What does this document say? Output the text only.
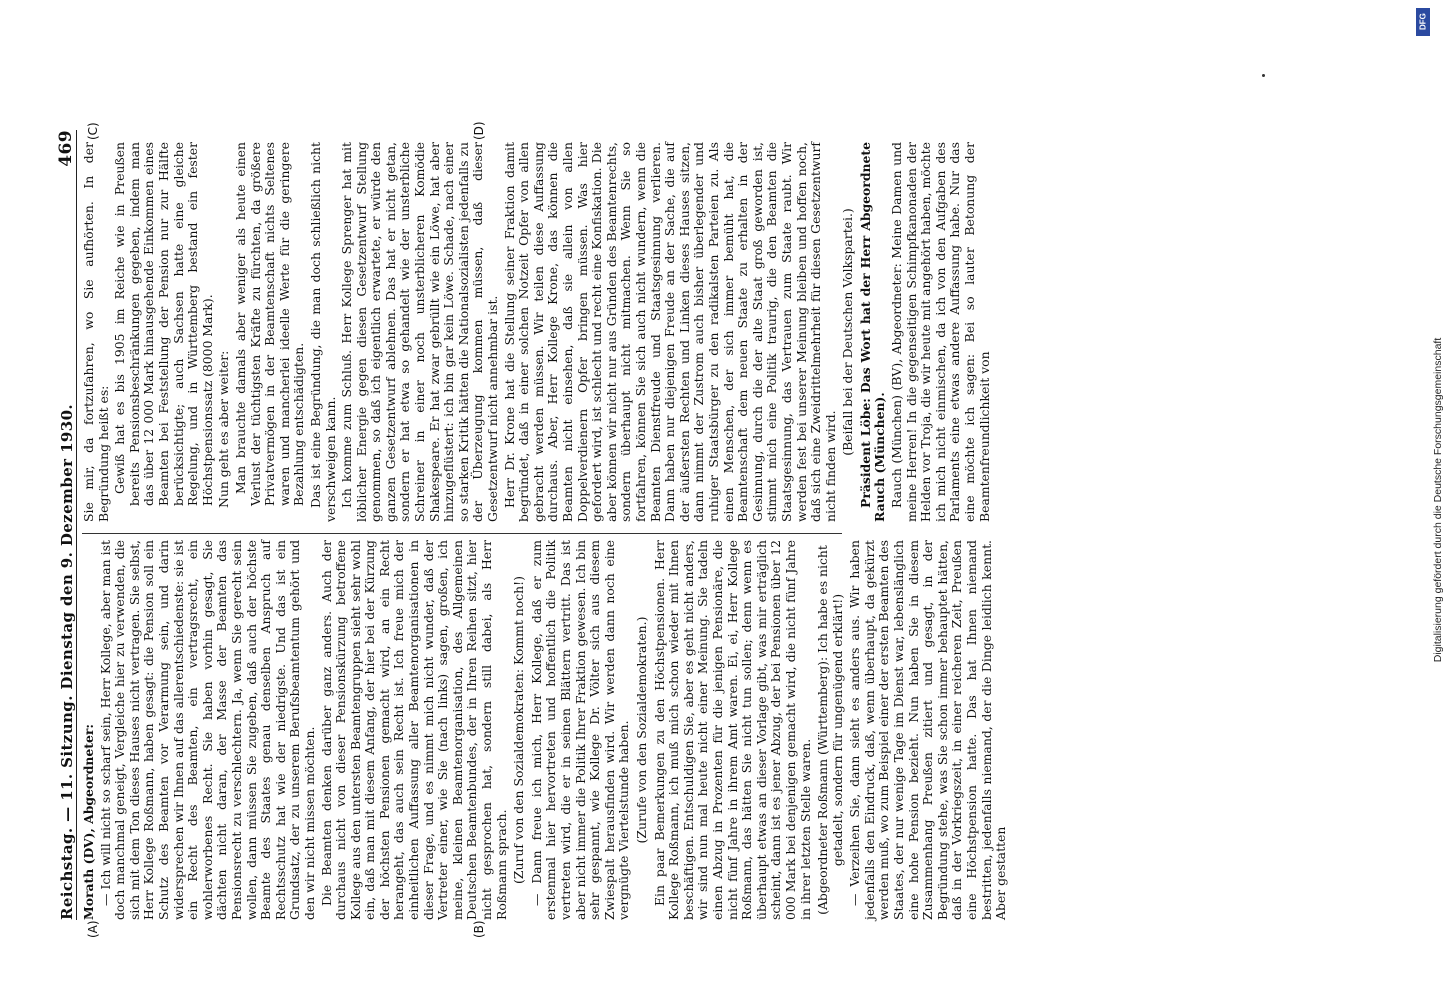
Reichstag. — 11. Sitzung. Dienstag den 9. Dezember 1930.
469
(A)	(B)
(C)	(D)

Morath (DV), Abgeordneter: — Ich will nicht so scharf sein, Herr Kollege, aber man ist doch manchmal geneigt, Vergleiche hier zu verwenden, die sich mit dem Ton dieses Hauses nicht vertragen. Sie selbst, Herr Kollege Roßmann, haben gesagt: die Pension soll ein Schutz des Beamten vor Verarmung sein, und darin widersprechen wir Ihnen auf das allerentschiedenste: sie ist ein Recht des Beamten, ein vertragsrecht, ein wohlerworbenes Recht. Sie haben vorhin gesagt, Sie dächten nicht daran, der Masse der Beamten das Pensionsrecht zu verschlechtern. Ja, wenn Sie gerecht sein wollen, dann müssen Sie zugeben, daß auch der höchste Beamte des Staates genau denselben Anspruch auf Rechtsschutz hat wie der niedrigste. Und das ist ein Grundsatz, der zu unserem Berufsbeamtentum gehört und den wir nicht missen möchten. Die Beamten denken darüber ganz anders. Auch der durchaus nicht von dieser Pensionskürzung betroffene Kollege aus den untersten Beamtengruppen sieht sehr wohl ein, daß man mit diesem Anfang, der hier bei der Kürzung der höchsten Pensionen gemacht wird, an ein Recht herangeht, das auch sein Recht ist. Ich freue mich der einheitlichen Auffassung aller Beamtenorganisationen in dieser Frage, und es nimmt mich nicht wunder, daß der Vertreter einer, wie Sie (nach links) sagen, großen, ich meine, kleinen Beamtenorganisation, des Allgemeinen Deutschen Beamtenbundes, der in Ihren Reihen sitzt, hier nicht gesprochen hat, sondern still dabei, als Herr Roßmann sprach. (Zuruf von den Sozialdemokraten: Kommt noch!) — Dann freue ich mich, Herr Kollege, daß er zum erstenmal hier hervortreten und hoffentlich die Politik vertreten wird, die er in seinen Blättern vertritt. Das ist aber nicht immer die Politik Ihrer Fraktion gewesen. Ich bin sehr gespannt, wie Kollege Dr. Völter sich aus diesem Zwiespalt herausfinden wird. Wir werden dann noch eine vergnügte Viertelstunde haben. (Zurufe von den Sozialdemokraten.) Ein paar Bemerkungen zu den Höchstpensionen. Herr Kollege Roßmann, ich muß mich schon wieder mit Ihnen beschäftigen. Entschuldigen Sie, aber es geht nicht anders, wir sind nun mal heute nicht einer Meinung. Sie tadeln einen Abzug in Prozenten für die jenigen Pensionäre, die nicht fünf Jahre in ihrem Amt waren. Ei, ei, Herr Kollege Roßmann, das hätten Sie nicht tun sollen; denn wenn es überhaupt etwas an dieser Vorlage gibt, was mir erträglich scheint, dann ist es jener Abzug, der bei Pensionen über 12 000 Mark bei denjenigen gemacht wird, die nicht fünf Jahre in ihrer letzten Stelle waren. (Abgeordneter Roßmann (Württemberg): Ich habe es nicht getadelt, sondern für ungenügend erklärt!) — Verzeihen Sie, dann sieht es anders aus. Wir haben jedenfalls den Eindruck, daß, wenn überhaupt, da gekürzt werden muß, wo zum Beispiel einer der ersten Beamten des Staates, der nur wenige Tage im Dienst war, lebenslänglich eine hohe Pension bezieht. Nun haben Sie in diesem Zusammenhang Preußen zitiert und gesagt, in der Begründung stehe, was Sie schon immer behauptet hätten, daß in der Vorkriegszeit, in einer reicheren Zeit, Preußen eine Höchstpension hatte. Das hat Ihnen niemand bestritten, jedenfalls niemand, der die Dinge leidlich kennt. Aber gestatten

Sie mir, da fortzufahren, wo Sie aufhörten. In der Begründung heißt es: Gewiß hat es bis 1905 im Reiche wie in Preußen bereits Pensionsbeschränkungen gegeben, indem man das über 12 000 Mark hinausgehende Einkommen eines Beamten bei Feststellung der Pension nur zur Hälfte berücksichtigte; auch Sachsen hatte eine gleiche Regelung, und in Württemberg bestand ein fester Höchstpensionssatz (8000 Mark). Nun geht es aber weiter: Man brauchte damals aber weniger als heute einen Verlust der tüchtigsten Kräfte zu fürchten, da größere Privatvermögen in der Beamtenschaft nichts Seltenes waren und mancherlei ideelle Werte für die geringere Bezahlung entschädigten. Das ist eine Begründung, die man doch schließlich nicht verschweigen kann. Ich komme zum Schluß. Herr Kollege Sprenger hat mit löblicher Energie gegen diesen Gesetzentwurf Stellung genommen, so daß ich eigentlich erwartete, er würde den ganzen Gesetzentwurf ablehnen. Das hat er nicht getan, sondern er hat etwa so gehandelt wie der unsterbliche Schreiner in einer noch unsterblicheren Komödie Shakespeare. Er hat zwar gebrüllt wie ein Löwe, hat aber hinzugeflüstert: ich bin gar kein Löwe. Schade, nach einer so starken Kritik hätten die Nationalsozialisten jedenfalls zu der Überzeugung kommen müssen, daß dieser Gesetzentwurf nicht annehmbar ist. Herr Dr. Krone hat die Stellung seiner Fraktion damit begründet, daß in einer solchen Notzeit Opfer von allen gebracht werden müssen. Wir teilen diese Auffassung durchaus. Aber, Herr Kollege Krone, das können die Beamten nicht einsehen, daß sie allein von allen Doppelverdienern Opfer bringen müssen. Was hier gefordert wird, ist schlecht und recht eine Konfiskation. Die aber können wir nicht nur aus Gründen des Beamtenrechts, sondern überhaupt nicht mitmachen. Wenn Sie so fortfahren, können Sie sich auch nicht wundern, wenn die Beamten Dienstfreude und Staatsgesinnung verlieren. Dann haben nur diejenigen Freude an der Sache, die auf der äußersten Rechten und Linken dieses Hauses sitzen, dann nimmt der Zustrom auch bisher überlegender und ruhiger Staatsbürger zu den radikalsten Parteien zu. Als einen Menschen, der sich immer bemüht hat, die Beamtenschaft dem neuen Staate zu erhalten in der Gesinnung, durch die der alte Staat groß geworden ist, stimmt mich eine Politik traurig, die den Beamten die Staatsgesinnung, das Vertrauen zum Staate raubt. Wir werden fest bei unserer Meinung bleiben und hoffen noch, daß sich eine Zweidrittelmehrheit für diesen Gesetzentwurf nicht finden wird.

(Beifall bei der Deutschen Volkspartei.) Präsident Löbe: Das Wort hat der Herr Abgeordnete Rauch (München). Rauch (München) (BV), Abgeordneter: Meine Damen und meine Herren! In die gegenseitigen Schimpfkanonaden der Helden vor Troja, die wir heute mit angehört haben, möchte ich mich nicht einmischen, da ich von den Aufgaben des Parlaments eine etwas andere Auffassung habe. Nur das eine möchte ich sagen: Bei so lauter Betonung der Beamtenfreundlichkeit von

DFG
Digitalisierung gefördert durch die Deutsche Forschungsgemeinschaft
